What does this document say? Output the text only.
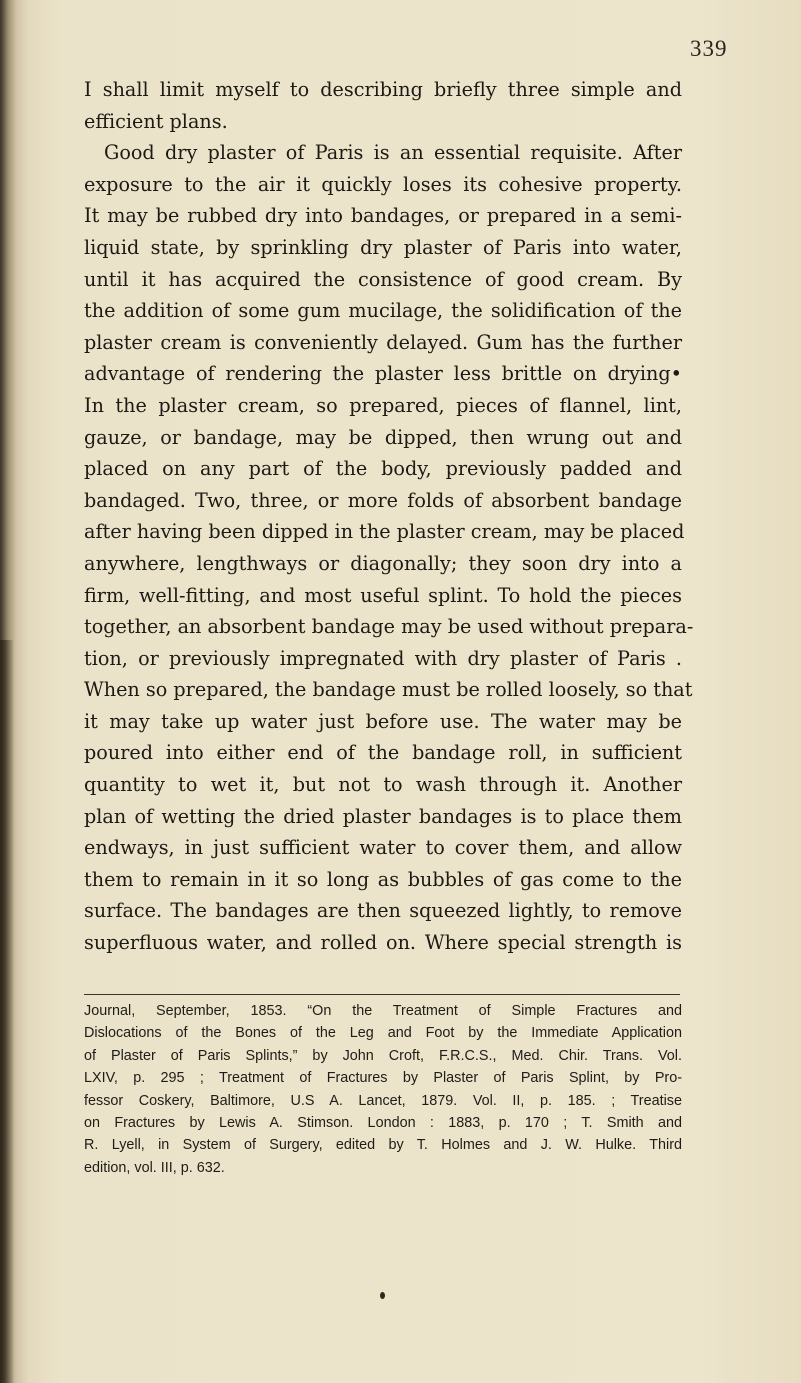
339
I shall limit myself to describing briefly three simple and
efficient plans.
Good dry plaster of Paris is an essential requisite. After
exposure to the air it quickly loses its cohesive property.
It may be rubbed dry into bandages, or prepared in a semi-
liquid state, by sprinkling dry plaster of Paris into water,
until it has acquired the consistence of good cream. By
the addition of some gum mucilage, the solidification of the
plaster cream is conveniently delayed. Gum has the further
advantage of rendering the plaster less brittle on drying•
In the plaster cream, so prepared, pieces of flannel, lint,
gauze, or bandage, may be dipped, then wrung out and
placed on any part of the body, previously padded and
bandaged. Two, three, or more folds of absorbent bandage
after having been dipped in the plaster cream, may be placed
anywhere, lengthways or diagonally; they soon dry into a
firm, well-fitting, and most useful splint. To hold the pieces
together, an absorbent bandage may be used without prepara-
tion, or previously impregnated with dry plaster of Paris .
When so prepared, the bandage must be rolled loosely, so that
it may take up water just before use. The water may be
poured into either end of the bandage roll, in sufficient
quantity to wet it, but not to wash through it. Another
plan of wetting the dried plaster bandages is to place them
endways, in just sufficient water to cover them, and allow
them to remain in it so long as bubbles of gas come to the
surface. The bandages are then squeezed lightly, to remove
superfluous water, and rolled on. Where special strength is
Journal, September, 1853. “On the Treatment of Simple Fractures and
Dislocations of the Bones of the Leg and Foot by the Immediate Application
of Plaster of Paris Splints,” by John Croft, F.R.C.S., Med. Chir. Trans. Vol.
LXIV, p. 295 ; Treatment of Fractures by Plaster of Paris Splint, by Pro-
fessor Coskery, Baltimore, U.S A. Lancet, 1879. Vol. II, p. 185. ; Treatise
on Fractures by Lewis A. Stimson. London : 1883, p. 170 ; T. Smith and
R. Lyell, in System of Surgery, edited by T. Holmes and J. W. Hulke. Third
edition, vol. III, p. 632.
